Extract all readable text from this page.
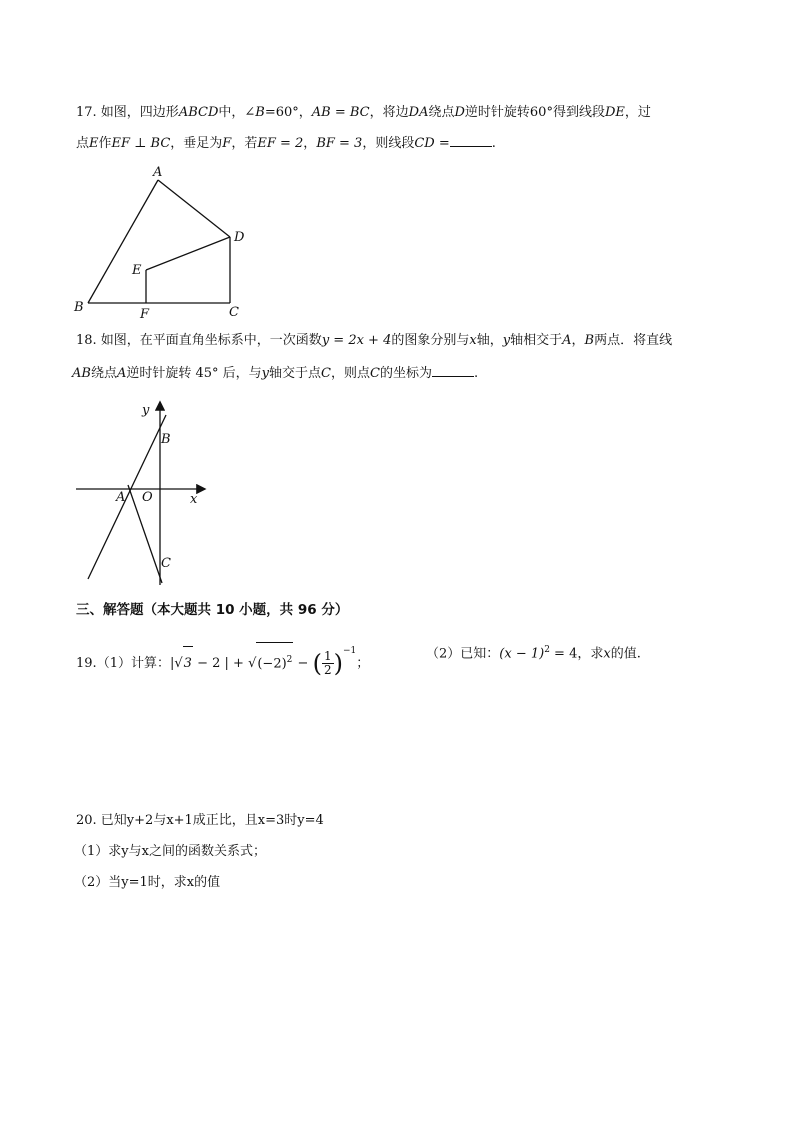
17. 如图，四边形ABCD中，∠B=60°，AB = BC，将边DA绕点D逆时针旋转60°得到线段DE，过
点E作EF ⊥ BC，垂足为F，若EF = 2，BF = 3，则线段CD =	.
A
B	C
D
E
F
18. 如图，在平面直角坐标系中，一次函数y = 2x + 4的图象分别与x轴，y轴相交于A，B两点．将直线
AB绕点A逆时针旋转 45° 后，与y轴交于点C，则点C的坐标为	.
y
x
O
A
B
C
三、解答题（本大题共 10 小题，共 96 分）
19.（1）计算：|√3 − 2 | + $√(-2)^2$ − ( $\frac{1}{2} )^{-1}$；
（2）已知：$(x - 1)^2 = 4$，求x的值.
20. 已知y+2与x+1成正比，且x=3时y=4
（1）求y与x之间的函数关系式；
（2）当y=1时，求x的值
